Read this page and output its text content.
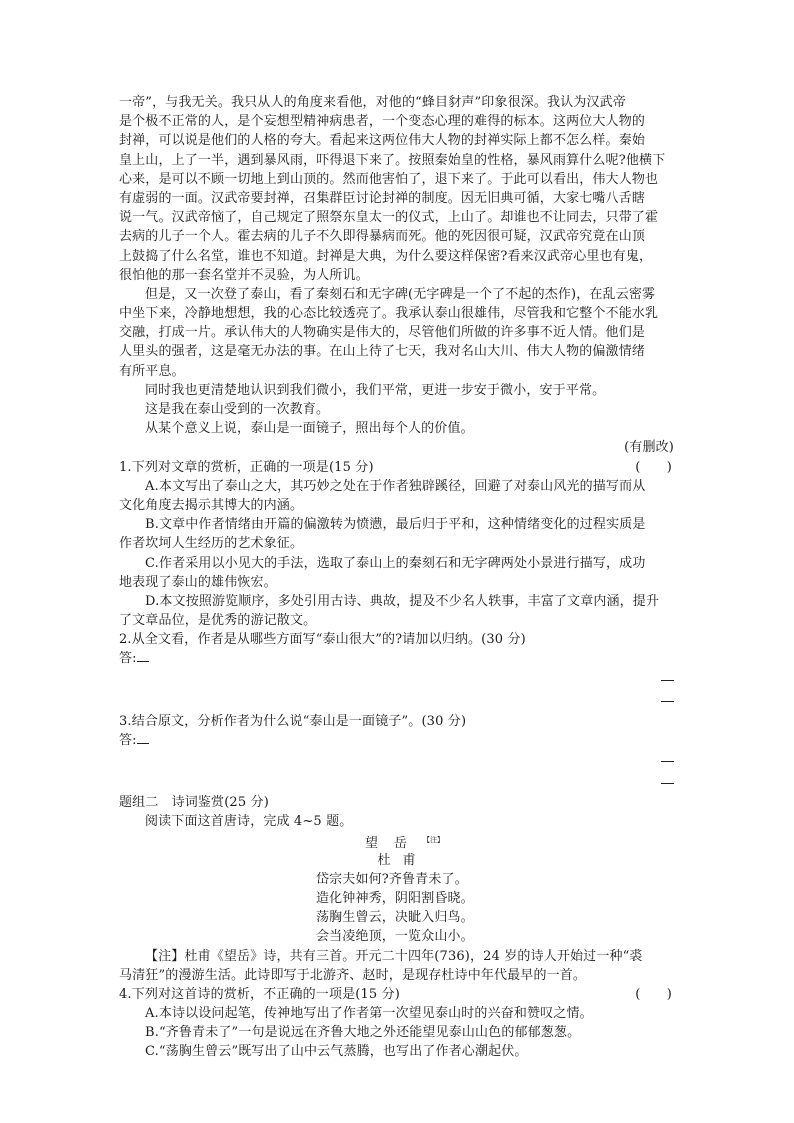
一帝”，与我无关。我只从人的角度来看他，对他的“蜂目豺声”印象很深。我认为汉武帝
是个极不正常的人，是个妄想型精神病患者，一个变态心理的难得的标本。这两位大人物的
封禅，可以说是他们的人格的夸大。看起来这两位伟大人物的封禅实际上都不怎么样。秦始
皇上山，上了一半，遇到暴风雨，吓得退下来了。按照秦始皇的性格，暴风雨算什么呢?他横下
心来，是可以不顾一切地上到山顶的。然而他害怕了，退下来了。于此可以看出，伟大人物也
有虚弱的一面。汉武帝要封禅，召集群臣讨论封禅的制度。因无旧典可循，大家七嘴八舌瞎
说一气。汉武帝恼了，自己规定了照祭东皇太一的仪式，上山了。却谁也不让同去，只带了霍
去病的儿子一个人。霍去病的儿子不久即得暴病而死。他的死因很可疑，汉武帝究竟在山顶
上鼓捣了什么名堂，谁也不知道。封禅是大典，为什么要这样保密?看来汉武帝心里也有鬼，
很怕他的那一套名堂并不灵验，为人所讥。
但是，又一次登了泰山，看了秦刻石和无字碑(无字碑是一个了不起的杰作)，在乱云密雾
中坐下来，冷静地想想，我的心态比较透亮了。我承认泰山很雄伟，尽管我和它整个不能水乳
交融，打成一片。承认伟大的人物确实是伟大的，尽管他们所做的许多事不近人情。他们是
人里头的强者，这是毫无办法的事。在山上待了七天，我对名山大川、伟大人物的偏激情绪
有所平息。
同时我也更清楚地认识到我们微小，我们平常，更进一步安于微小，安于平常。
这是我在泰山受到的一次教育。
从某个意义上说，泰山是一面镜子，照出每个人的价值。
(有删改)
1.下列对文章的赏析，正确的一项是(15 分)	(　　)
A.本文写出了泰山之大，其巧妙之处在于作者独辟蹊径，回避了对泰山风光的描写而从
文化角度去揭示其博大的内涵。
B.文章中作者情绪由开篇的偏激转为愤懑，最后归于平和，这种情绪变化的过程实质是
作者坎坷人生经历的艺术象征。
C.作者采用以小见大的手法，选取了泰山上的秦刻石和无字碑两处小景进行描写，成功
地表现了泰山的雄伟恢宏。
D.本文按照游览顺序，多处引用古诗、典故，提及不少名人轶事，丰富了文章内涵，提升
了文章品位，是优秀的游记散文。
2.从全文看，作者是从哪些方面写“泰山很大”的?请加以归纳。(30 分)
答:
3.结合原文，分析作者为什么说“泰山是一面镜子”。(30 分)
答:
题组二　诗词鉴赏(25 分)
阅读下面这首唐诗，完成 4~5 题。
望岳$^{【注】}$
杜甫
岱宗夫如何?齐鲁青未了。
造化钟神秀，阴阳割昏晓。
荡胸生曾云，决眦入归鸟。
会当凌绝顶，一览众山小。
【注】杜甫《望岳》诗，共有三首。开元二十四年(736)，24 岁的诗人开始过一种“裘
马清狂”的漫游生活。此诗即写于北游齐、赵时，是现存杜诗中年代最早的一首。
4.下列对这首诗的赏析，不正确的一项是(15 分)	(　　)
A.本诗以设问起笔，传神地写出了作者第一次望见泰山时的兴奋和赞叹之情。
B.“齐鲁青未了”一句是说远在齐鲁大地之外还能望见泰山山色的郁郁葱葱。
C.“荡胸生曾云”既写出了山中云气蒸腾，也写出了作者心潮起伏。
